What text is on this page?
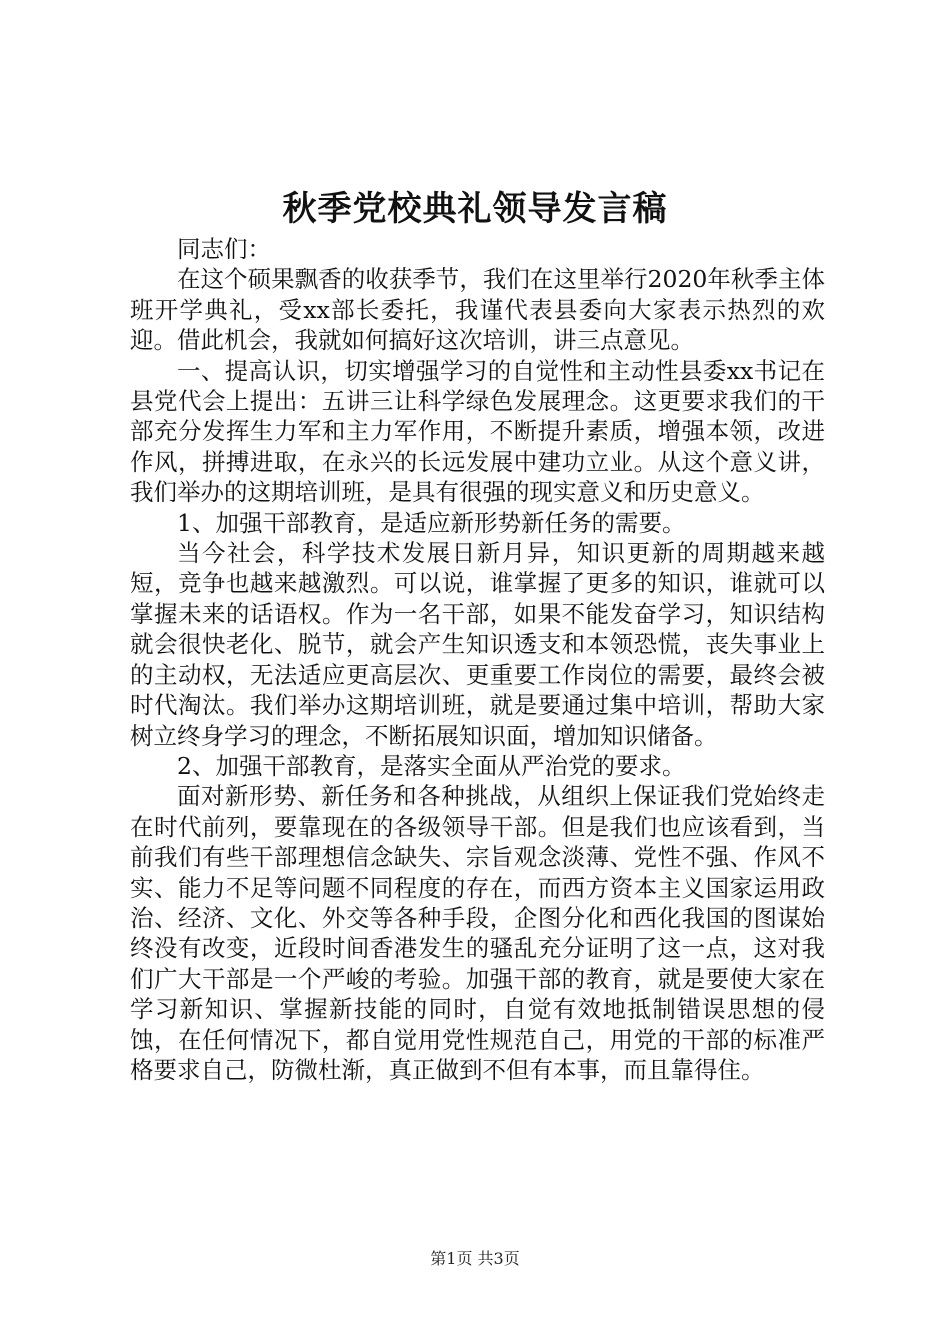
秋季党校典礼领导发言稿

同志们：

在这个硕果飘香的收获季节，我们在这里举行2020年秋季主体班开学典礼，受xx部长委托，我谨代表县委向大家表示热烈的欢迎。借此机会，我就如何搞好这次培训，讲三点意见。

一、提高认识，切实增强学习的自觉性和主动性县委xx书记在县党代会上提出：五讲三让科学绿色发展理念。这更要求我们的干部充分发挥生力军和主力军作用，不断提升素质，增强本领，改进作风，拼搏进取，在永兴的长远发展中建功立业。从这个意义讲，我们举办的这期培训班，是具有很强的现实意义和历史意义。

1、加强干部教育，是适应新形势新任务的需要。

当今社会，科学技术发展日新月异，知识更新的周期越来越短，竞争也越来越激烈。可以说，谁掌握了更多的知识，谁就可以掌握未来的话语权。作为一名干部，如果不能发奋学习，知识结构就会很快老化、脱节，就会产生知识透支和本领恐慌，丧失事业上的主动权，无法适应更高层次、更重要工作岗位的需要，最终会被时代淘汰。我们举办这期培训班，就是要通过集中培训，帮助大家树立终身学习的理念，不断拓展知识面，增加知识储备。

2、加强干部教育，是落实全面从严治党的要求。

面对新形势、新任务和各种挑战，从组织上保证我们党始终走在时代前列，要靠现在的各级领导干部。但是我们也应该看到，当前我们有些干部理想信念缺失、宗旨观念淡薄、党性不强、作风不实、能力不足等问题不同程度的存在，而西方资本主义国家运用政治、经济、文化、外交等各种手段，企图分化和西化我国的图谋始终没有改变，近段时间香港发生的骚乱充分证明了这一点，这对我们广大干部是一个严峻的考验。加强干部的教育，就是要使大家在学习新知识、掌握新技能的同时，自觉有效地抵制错误思想的侵蚀，在任何情况下，都自觉用党性规范自己，用党的干部的标准严格要求自己，防微杜渐，真正做到不但有本事，而且靠得住。

第1页 共3页
